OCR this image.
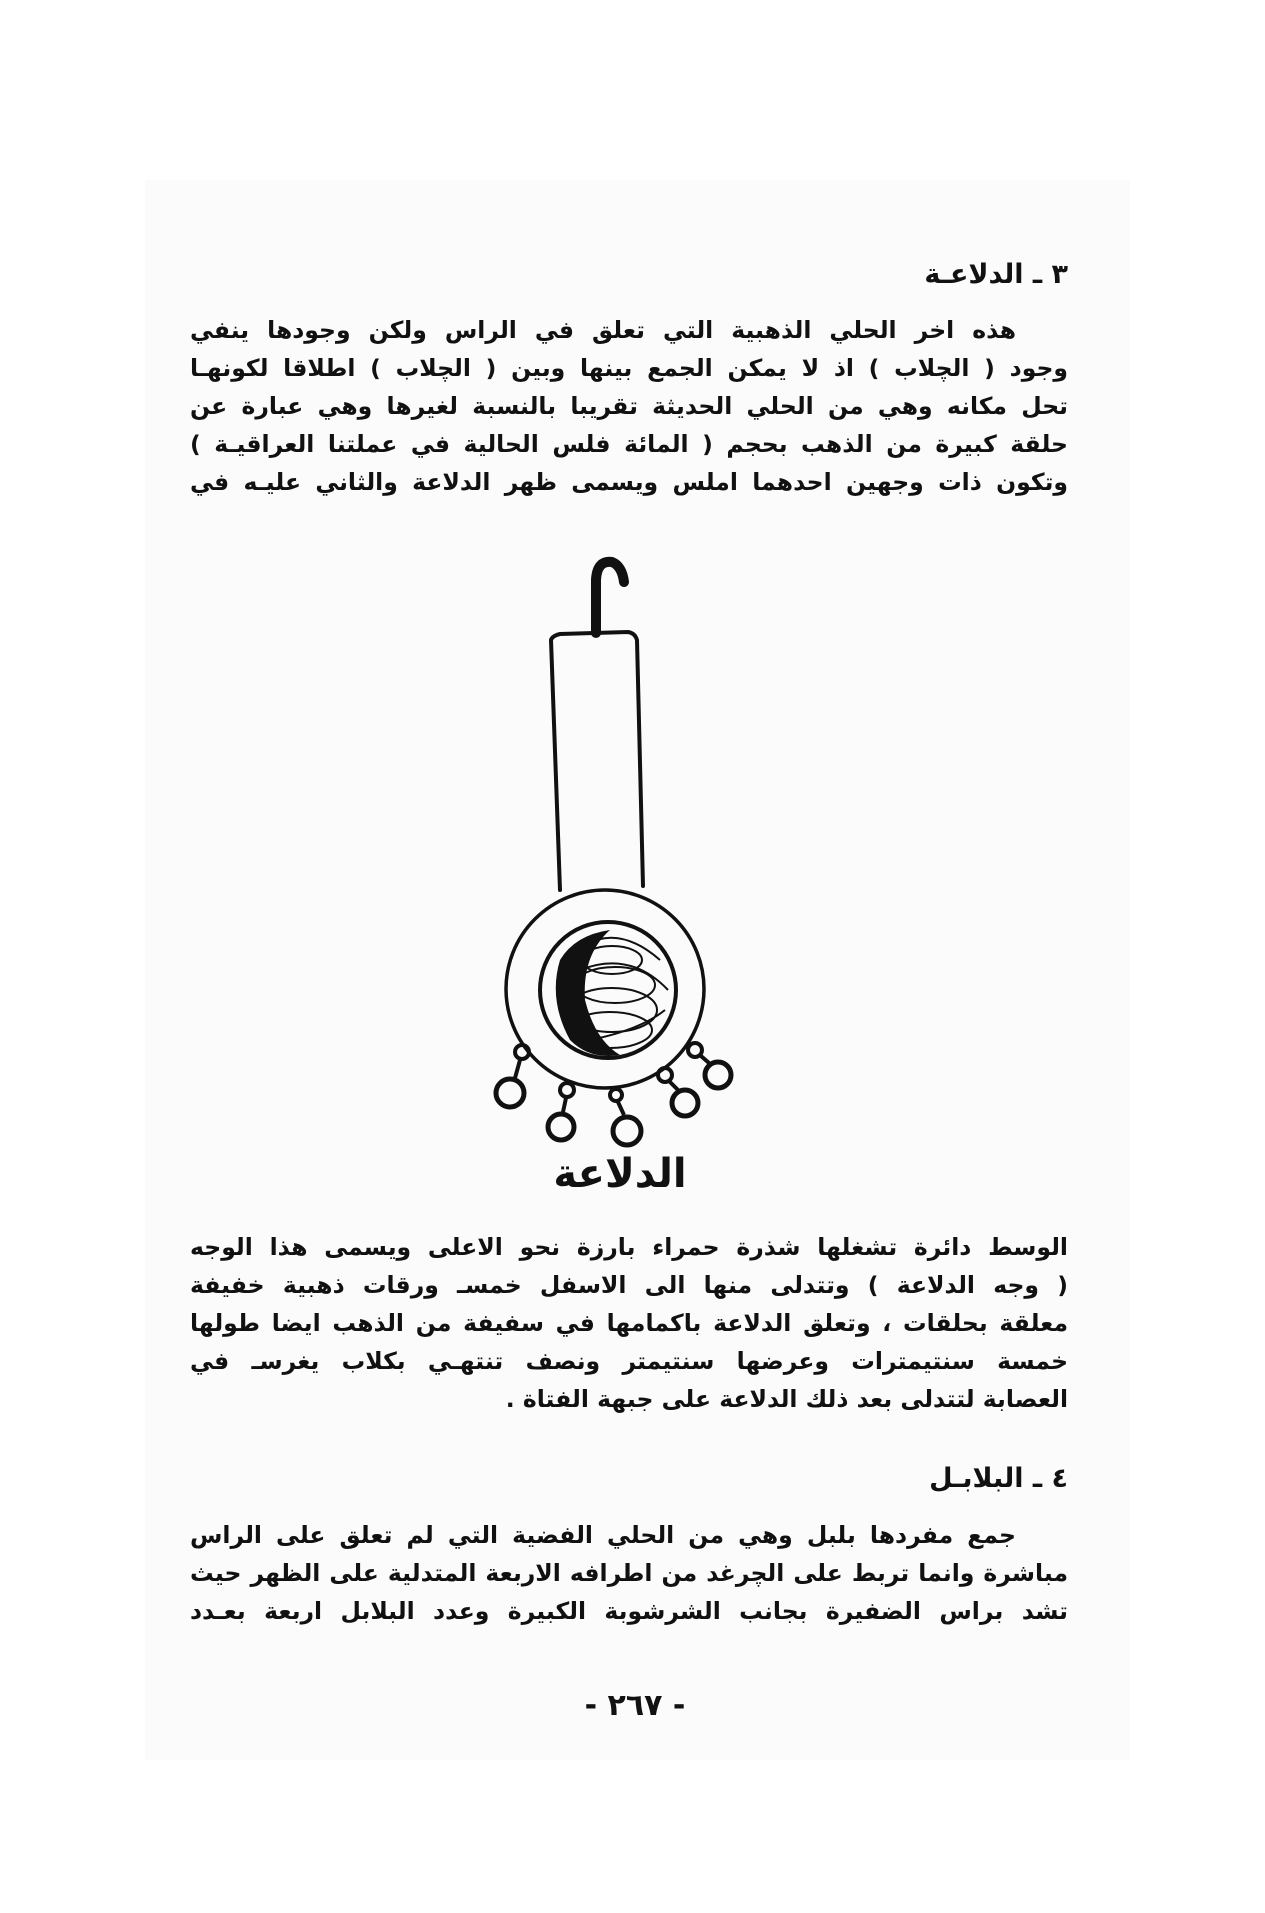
٣ ـ الدلاعـة
هذه اخر الحلي الذهبية التي تعلق في الراس ولكن وجودها ينفي
وجود ( الچلاب ) اذ لا يمكن الجمع بينها وبين ( الچلاب ) اطلاقا لكونهـا
تحل مكانه وهي من الحلي الحديثة تقريبا بالنسبة لغيرها وهي عبارة عن
حلقة كبيرة من الذهب بحجم ( المائة فلس الحالية في عملتنا العراقيـة )
وتكون ذات وجهين احدهما املس ويسمى ظهر الدلاعة والثاني عليـه في
الوسط دائرة تشغلها شذرة حمراء بارزة نحو الاعلى ويسمى هذا الوجه
( وجه الدلاعة ) وتتدلى منها الى الاسفل خمسـ ورقات ذهبية خفيفة
معلقة بحلقات ، وتعلق الدلاعة باكمامها في سفيفة من الذهب ايضا طولها
خمسة سنتيمترات وعرضها سنتيمتر ونصف تنتهـي بكلاب يغرسـ في
العصابة لتتدلى بعد ذلك الدلاعة على جبهة الفتاة .
٤ ـ البلابـل
جمع مفردها بلبل وهي من الحلي الفضية التي لم تعلق على الراس
مباشرة وانما تربط على الچرغد من اطرافه الاربعة المتدلية على الظهر حيث
تشد براس الضفيرة بجانب الشرشوبة الكبيرة وعدد البلابل اربعة بعـدد
الدلاعة
- ٢٦٧ -
